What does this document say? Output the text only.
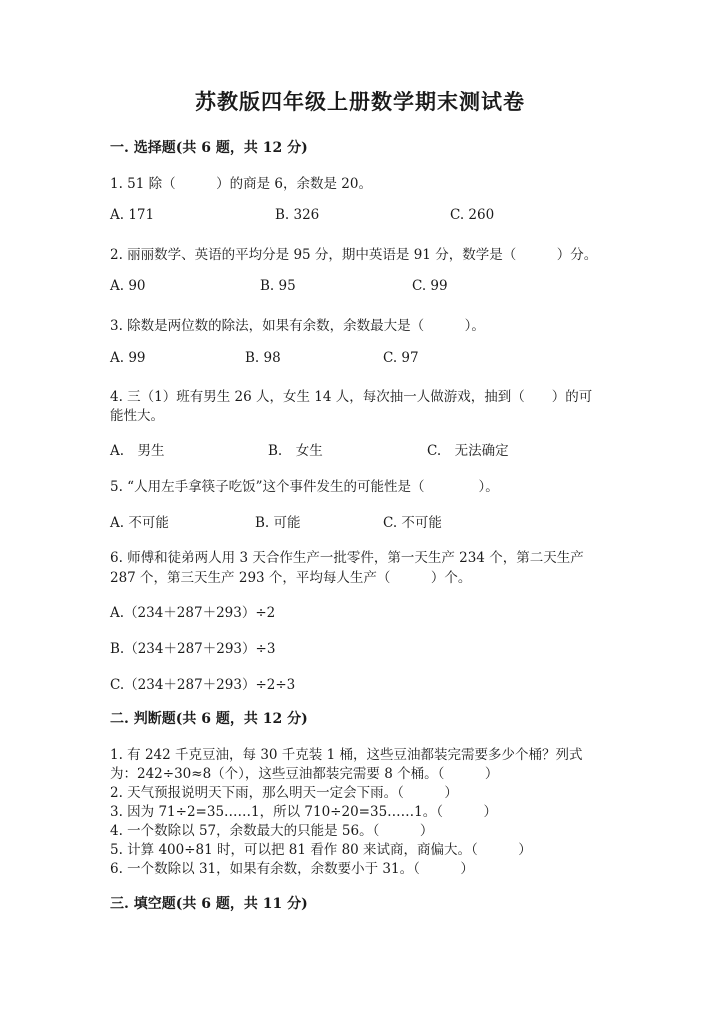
苏教版四年级上册数学期末测试卷
一. 选择题(共 6 题，共 12 分)
1. 51 除（　　　）的商是 6，余数是 20。
A. 171	B. 326	C. 260
2. 丽丽数学、英语的平均分是 95 分，期中英语是 91 分，数学是（　　　）分。
A. 90	B. 95	C. 99
3. 除数是两位数的除法，如果有余数，余数最大是（　　　）。
A. 99	B. 98	C. 97
4. 三（1）班有男生 26 人，女生 14 人，每次抽一人做游戏，抽到（　　）的可
能性大。
A.　男生	B.　女生	C.　无法确定
5. “人用左手拿筷子吃饭”这个事件发生的可能性是（　　　　）。
A. 不可能	B. 可能	C. 不可能
6. 师傅和徒弟两人用 3 天合作生产一批零件，第一天生产 234 个，第二天生产
287 个，第三天生产 293 个，平均每人生产（　　　）个。
A.（234＋287＋293）÷2
B.（234＋287＋293）÷3
C.（234＋287＋293）÷2÷3
二. 判断题(共 6 题，共 12 分)
1. 有 242 千克豆油，每 30 千克装 1 桶，这些豆油都装完需要多少个桶？列式
为：242÷30≈8（个），这些豆油都装完需要 8 个桶。（　　　）
2. 天气预报说明天下雨，那么明天一定会下雨。（　　　）
3. 因为 71÷2=35……1，所以 710÷20=35……1。（　　　）
4. 一个数除以 57，余数最大的只能是 56。（　　　）
5. 计算 400÷81 时，可以把 81 看作 80 来试商，商偏大。（　　　）
6. 一个数除以 31，如果有余数，余数要小于 31。（　　　）
三. 填空题(共 6 题，共 11 分)
